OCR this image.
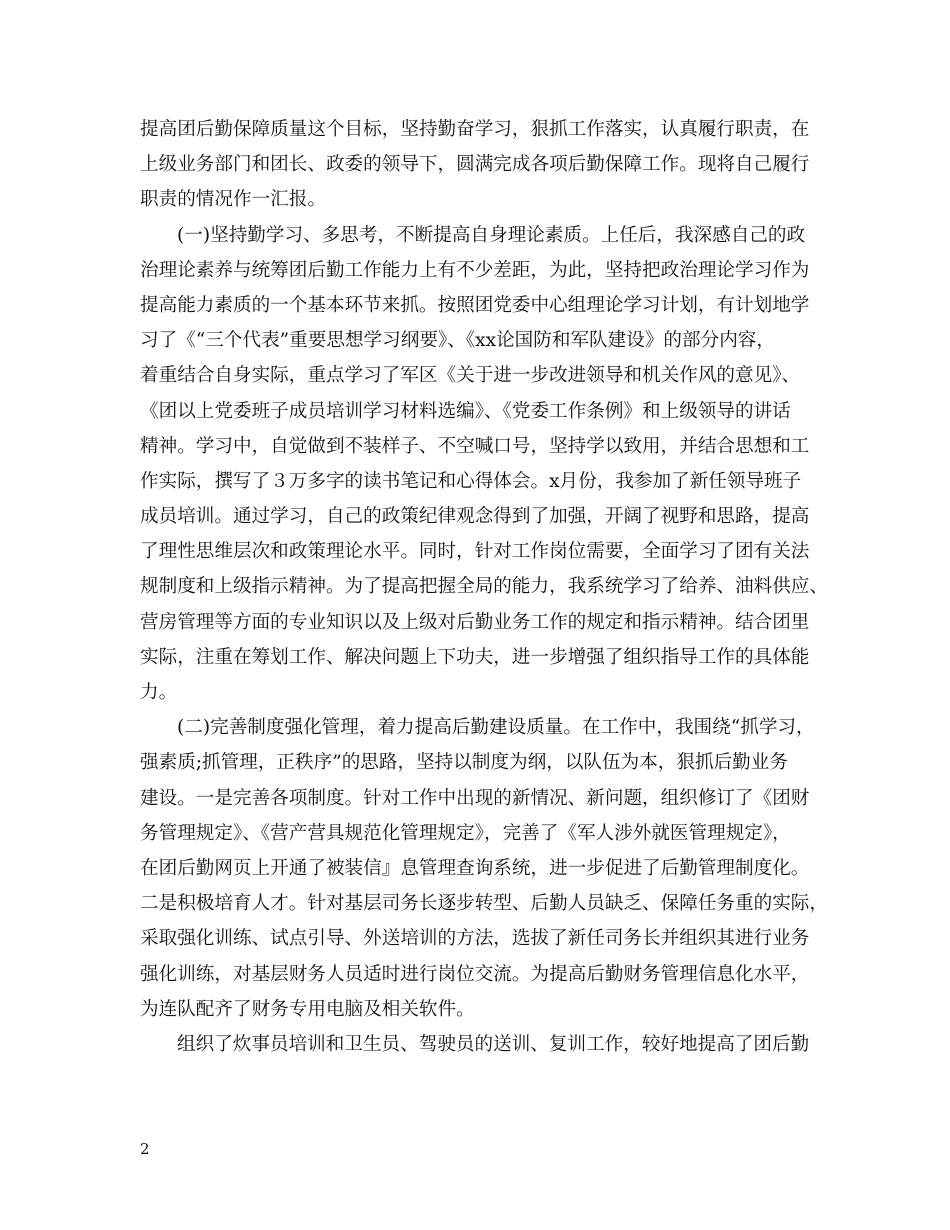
提高团后勤保障质量这个目标，坚持勤奋学习，狠抓工作落实，认真履行职责，在
上级业务部门和团长、政委的领导下，圆满完成各项后勤保障工作。现将自己履行
职责的情况作一汇报。

(一)坚持勤学习、多思考，不断提高自身理论素质。上任后，我深感自己的政
治理论素养与统筹团后勤工作能力上有不少差距，为此，坚持把政治理论学习作为
提高能力素质的一个基本环节来抓。按照团党委中心组理论学习计划，有计划地学
习了《“三个代表”重要思想学习纲要》、《xx论国防和军队建设》的部分内容，
着重结合自身实际，重点学习了军区《关于进一步改进领导和机关作风的意见》、
《团以上党委班子成员培训学习材料选编》、《党委工作条例》和上级领导的讲话
精神。学习中，自觉做到不装样子、不空喊口号，坚持学以致用，并结合思想和工
作实际，撰写了３万多字的读书笔记和心得体会。x月份，我参加了新任领导班子
成员培训。通过学习，自己的政策纪律观念得到了加强，开阔了视野和思路，提高
了理性思维层次和政策理论水平。同时，针对工作岗位需要，全面学习了团有关法
规制度和上级指示精神。为了提高把握全局的能力，我系统学习了给养、油料供应、
营房管理等方面的专业知识以及上级对后勤业务工作的规定和指示精神。结合团里
实际，注重在筹划工作、解决问题上下功夫，进一步增强了组织指导工作的具体能
力。

(二)完善制度强化管理，着力提高后勤建设质量。在工作中，我围绕“抓学习，
强素质;抓管理，正秩序”的思路，坚持以制度为纲，以队伍为本，狠抓后勤业务
建设。一是完善各项制度。针对工作中出现的新情况、新问题，组织修订了《团财
务管理规定》、《营产营具规范化管理规定》，完善了《军人涉外就医管理规定》，
在团后勤网页上开通了被装信』息管理查询系统，进一步促进了后勤管理制度化。
二是积极培育人才。针对基层司务长逐步转型、后勤人员缺乏、保障任务重的实际，
采取强化训练、试点引导、外送培训的方法，选拔了新任司务长并组织其进行业务
强化训练，对基层财务人员适时进行岗位交流。为提高后勤财务管理信息化水平，
为连队配齐了财务专用电脑及相关软件。

组织了炊事员培训和卫生员、驾驶员的送训、复训工作，较好地提高了团后勤

2
